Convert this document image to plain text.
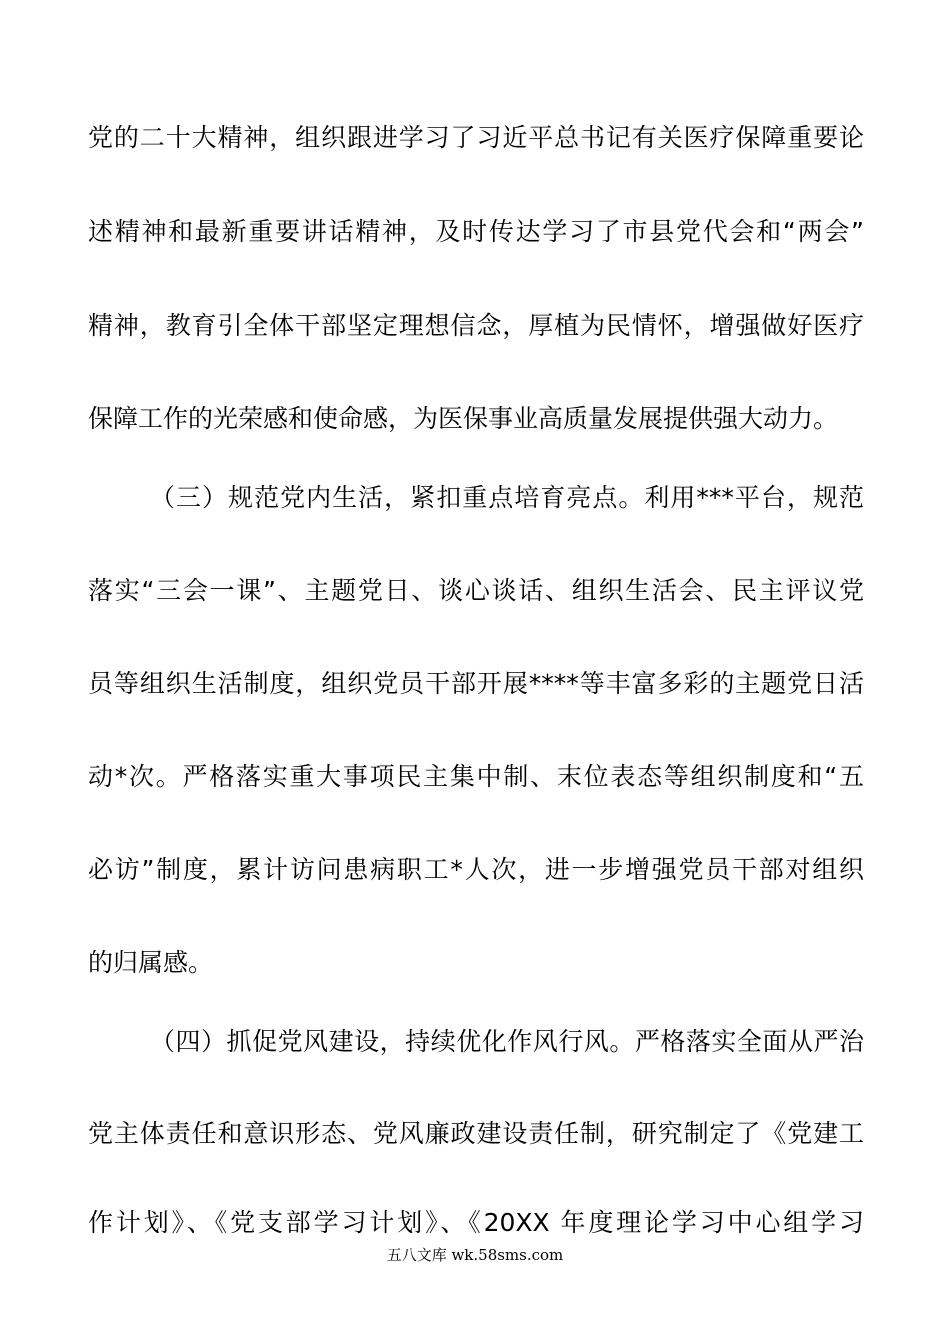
党的二十大精神，组织跟进学习了习近平总书记有关医疗保障重要论
述精神和最新重要讲话精神，及时传达学习了市县党代会和“两会”
精神，教育引全体干部坚定理想信念，厚植为民情怀，增强做好医疗
保障工作的光荣感和使命感，为医保事业高质量发展提供强大动力。
（三）规范党内生活，紧扣重点培育亮点。利用***平台，规范
落实“三会一课”、主题党日、谈心谈话、组织生活会、民主评议党
员等组织生活制度，组织党员干部开展****等丰富多彩的主题党日活
动*次。严格落实重大事项民主集中制、末位表态等组织制度和“五
必访”制度，累计访问患病职工*人次，进一步增强党员干部对组织
的归属感。
（四）抓促党风建设，持续优化作风行风。严格落实全面从严治
党主体责任和意识形态、党风廉政建设责任制，研究制定了《党建工
作计划》、《党支部学习计划》、《20XX 年度理论学习中心组学习
五八文库 wk.58sms.com
